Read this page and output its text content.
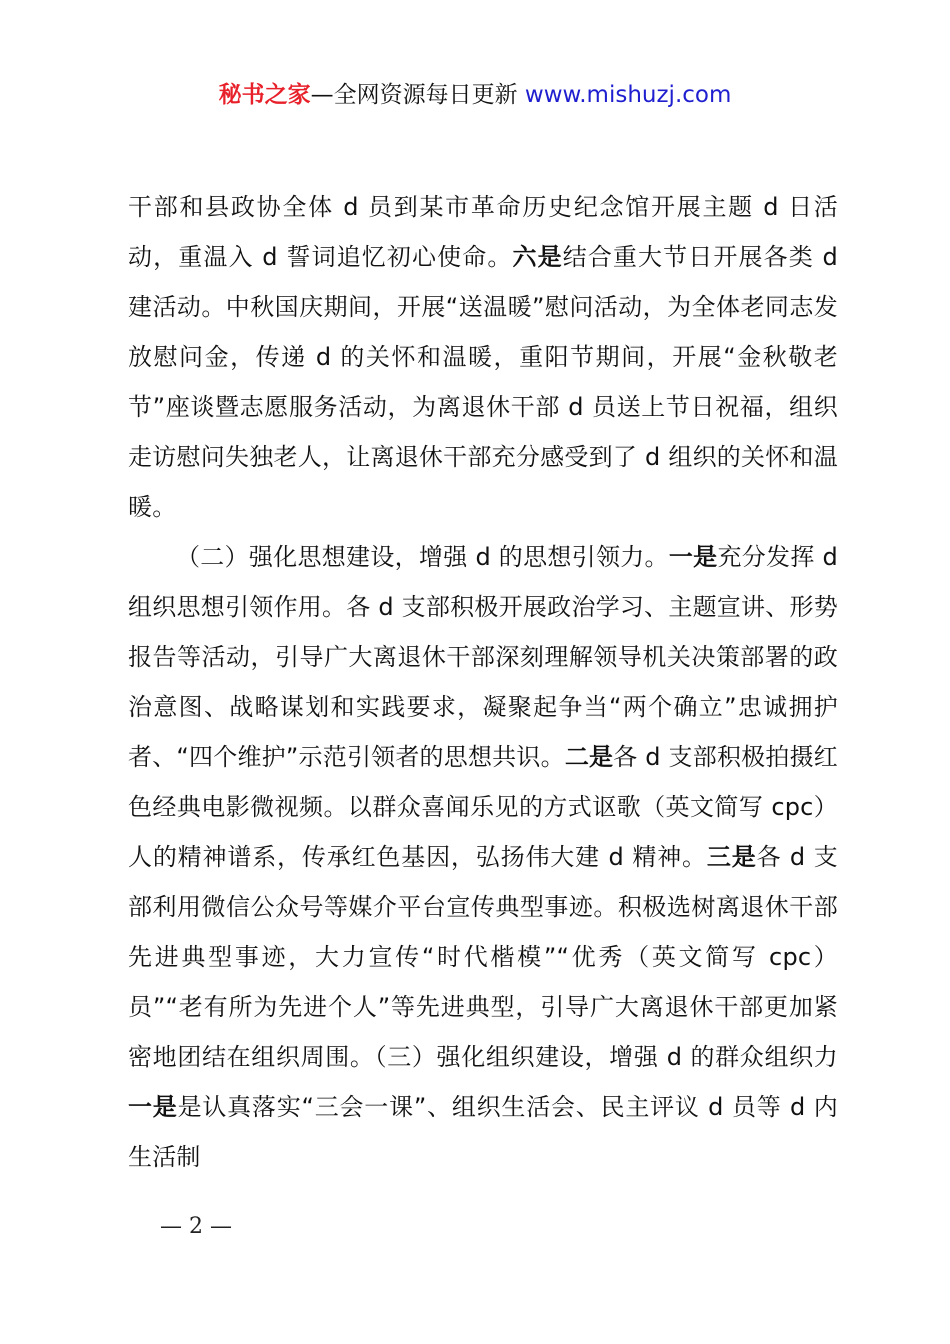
秘书之家—全网资源每日更新 www.mishuzj.com

干部和县政协全体 d 员到某市革命历史纪念馆开展主题 d 日活动，重温入 d 誓词追忆初心使命。六是结合重大节日开展各类 d 建活动。中秋国庆期间，开展“送温暖”慰问活动，为全体老同志发放慰问金，传递 d 的关怀和温暖，重阳节期间，开展“金秋敬老节”座谈暨志愿服务活动，为离退休干部 d 员送上节日祝福，组织走访慰问失独老人，让离退休干部充分感受到了 d 组织的关怀和温暖。

（二）强化思想建设，增强 d 的思想引领力。一是充分发挥 d 组织思想引领作用。各 d 支部积极开展政治学习、主题宣讲、形势报告等活动，引导广大离退休干部深刻理解领导机关决策部署的政治意图、战略谋划和实践要求，凝聚起争当“两个确立”忠诚拥护者、“四个维护”示范引领者的思想共识。二是各 d 支部积极拍摄红色经典电影微视频。以群众喜闻乐见的方式讴歌（英文简写 cpc）人的精神谱系，传承红色基因，弘扬伟大建 d 精神。三是各 d 支部利用微信公众号等媒介平台宣传典型事迹。积极选树离退休干部先进典型事迹，大力宣传“时代楷模”“优秀（英文简写 cpc）员”“老有所为先进个人”等先进典型，引导广大离退休干部更加紧密地团结在组织周围。（三）强化组织建设，增强 d 的群众组织力一是是认真落实“三会一课”、组织生活会、民主评议 d 员等 d 内生活制

— 2 —
